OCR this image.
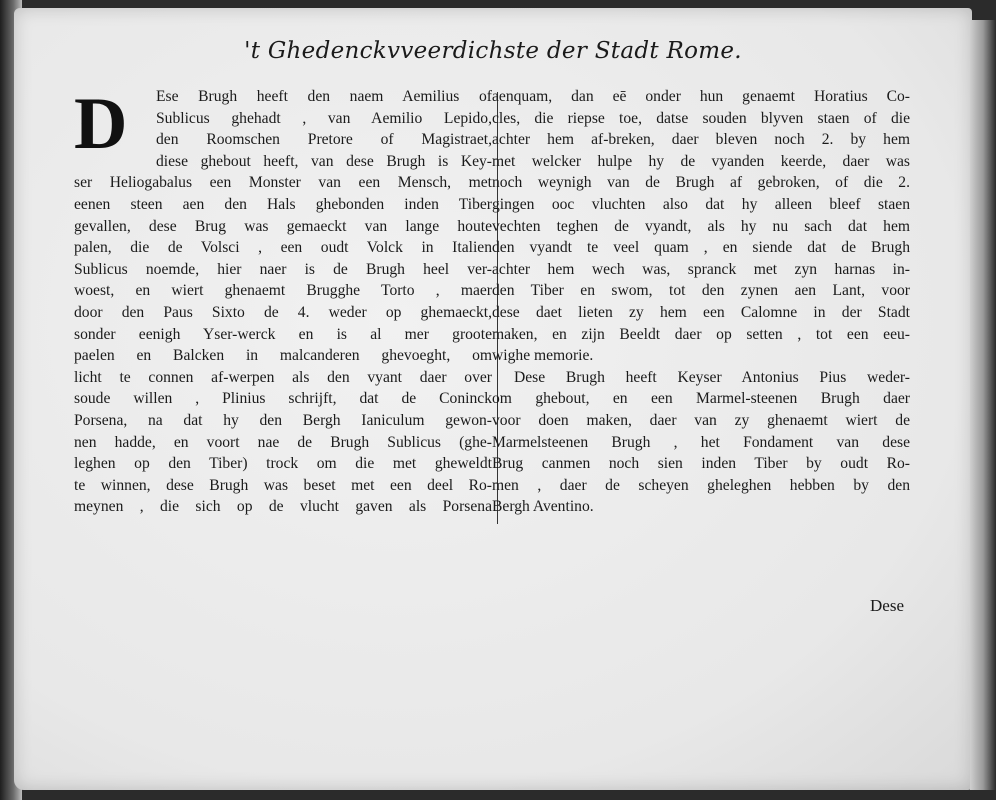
't Ghedenckvveerdichste der Stadt Rome.
D	Ese Brugh heeft den naem Aemilius of
Sublicus ghehadt , van Aemilio Lepido,
den Roomschen Pretore of Magistraet,
diese ghebout heeft, van dese Brugh is Key-
ser Heliogabalus een Monster van een Mensch, met
eenen steen aen den Hals ghebonden inden Tiber
gevallen, dese Brug was gemaeckt van lange houte
palen, die de Volsci , een oudt Volck in Italien
Sublicus noemde, hier naer is de Brugh heel ver-
woest, en wiert ghenaemt Brugghe Torto , maer
door den Paus Sixto de 4. weder op ghemaeckt,
sonder eenigh Yser-werck en is al mer groote
paelen en Balcken in malcanderen ghevoeght, om
licht te connen af-werpen als den vyant daer over
soude willen , Plinius schrijft, dat de Coninck
Porsena, na dat hy den Bergh Ianiculum gewon-
nen hadde, en voort nae de Brugh Sublicus (ghe-
leghen op den Tiber) trock om die met gheweldt
te winnen, dese Brugh was beset met een deel Ro-
meynen , die sich op de vlucht gaven als Porsena
aenquam, dan eē onder hun genaemt Horatius Co-
cles, die riepse toe, datse souden blyven staen of die
achter hem af-breken, daer bleven noch 2. by hem
met welcker hulpe hy de vyanden keerde, daer was
noch weynigh van de Brugh af gebroken, of die 2.
gingen ooc vluchten also dat hy alleen bleef staen
vechten teghen de vyandt, als hy nu sach dat hem
den vyandt te veel quam , en siende dat de Brugh
achter hem wech was, spranck met zyn harnas in-
den Tiber en swom, tot den zynen aen Lant, voor
dese daet lieten zy hem een Calomne in der Stadt
maken, en zijn Beeldt daer op setten , tot een eeu-
wighe memorie.
Dese Brugh heeft Keyser Antonius Pius weder-
om ghebout, en een Marmel-steenen Brugh daer
voor doen maken, daer van zy ghenaemt wiert de
Marmelsteenen Brugh , het Fondament van dese
Brug canmen noch sien inden Tiber by oudt Ro-
men , daer de scheyen gheleghen hebben by den
Bergh Aventino.
Dese
